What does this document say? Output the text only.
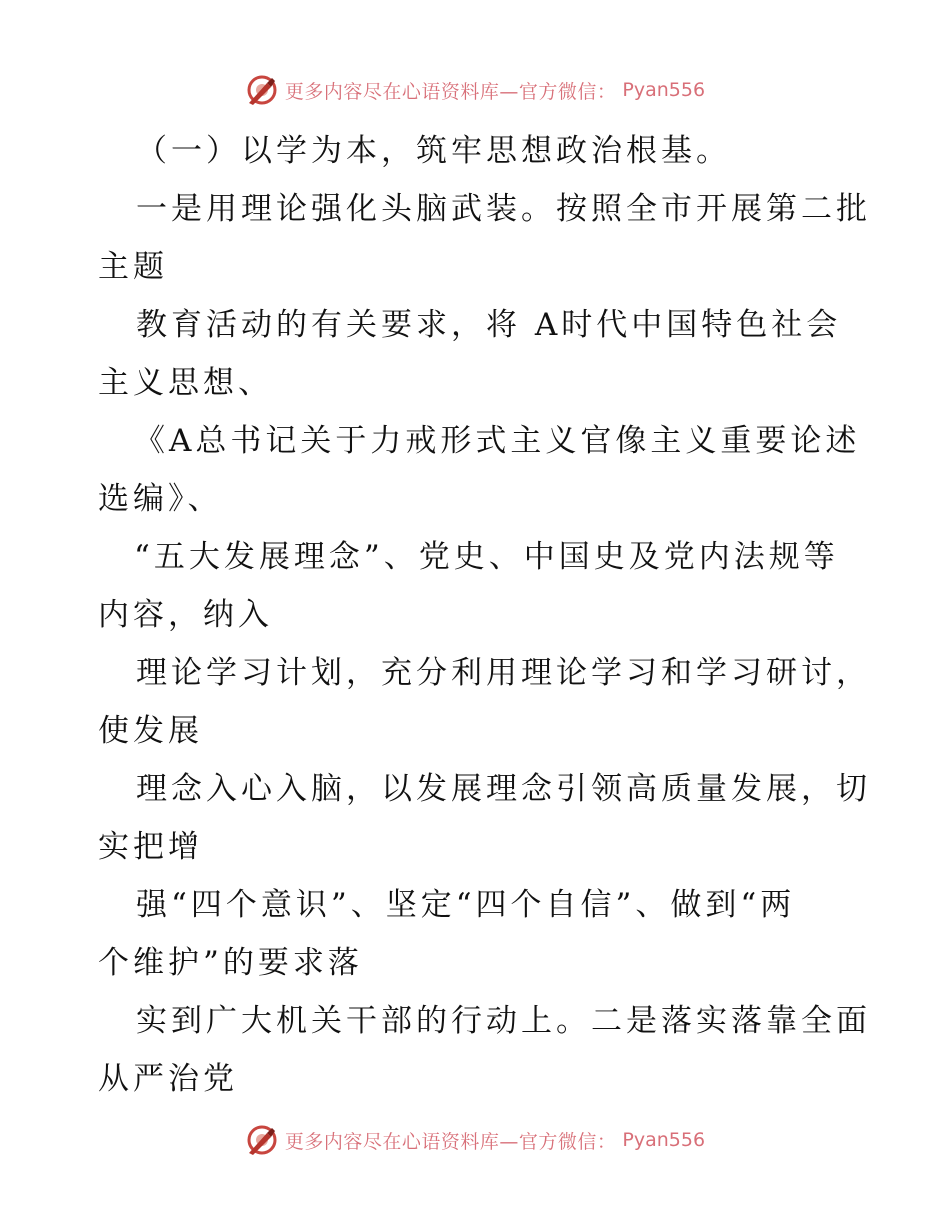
更多内容尽在心语资料库—官方微信： Pyan556
（一）以学为本，筑牢思想政治根基。
一是用理论强化头脑武装。按照全市开展第二批
主题
教育活动的有关要求，将 A时代中国特色社会
主义思想、
《A总书记关于力戒形式主义官像主义重要论述
选编》、
“五大发展理念”、党史、中国史及党内法规等
内容，纳入
理论学习计划，充分利用理论学习和学习研讨，
使发展
理念入心入脑，以发展理念引领高质量发展，切
实把增
强“四个意识”、坚定“四个自信”、做到“两
个维护”的要求落
实到广大机关干部的行动上。二是落实落靠全面
从严治党
更多内容尽在心语资料库—官方微信： Pyan556
